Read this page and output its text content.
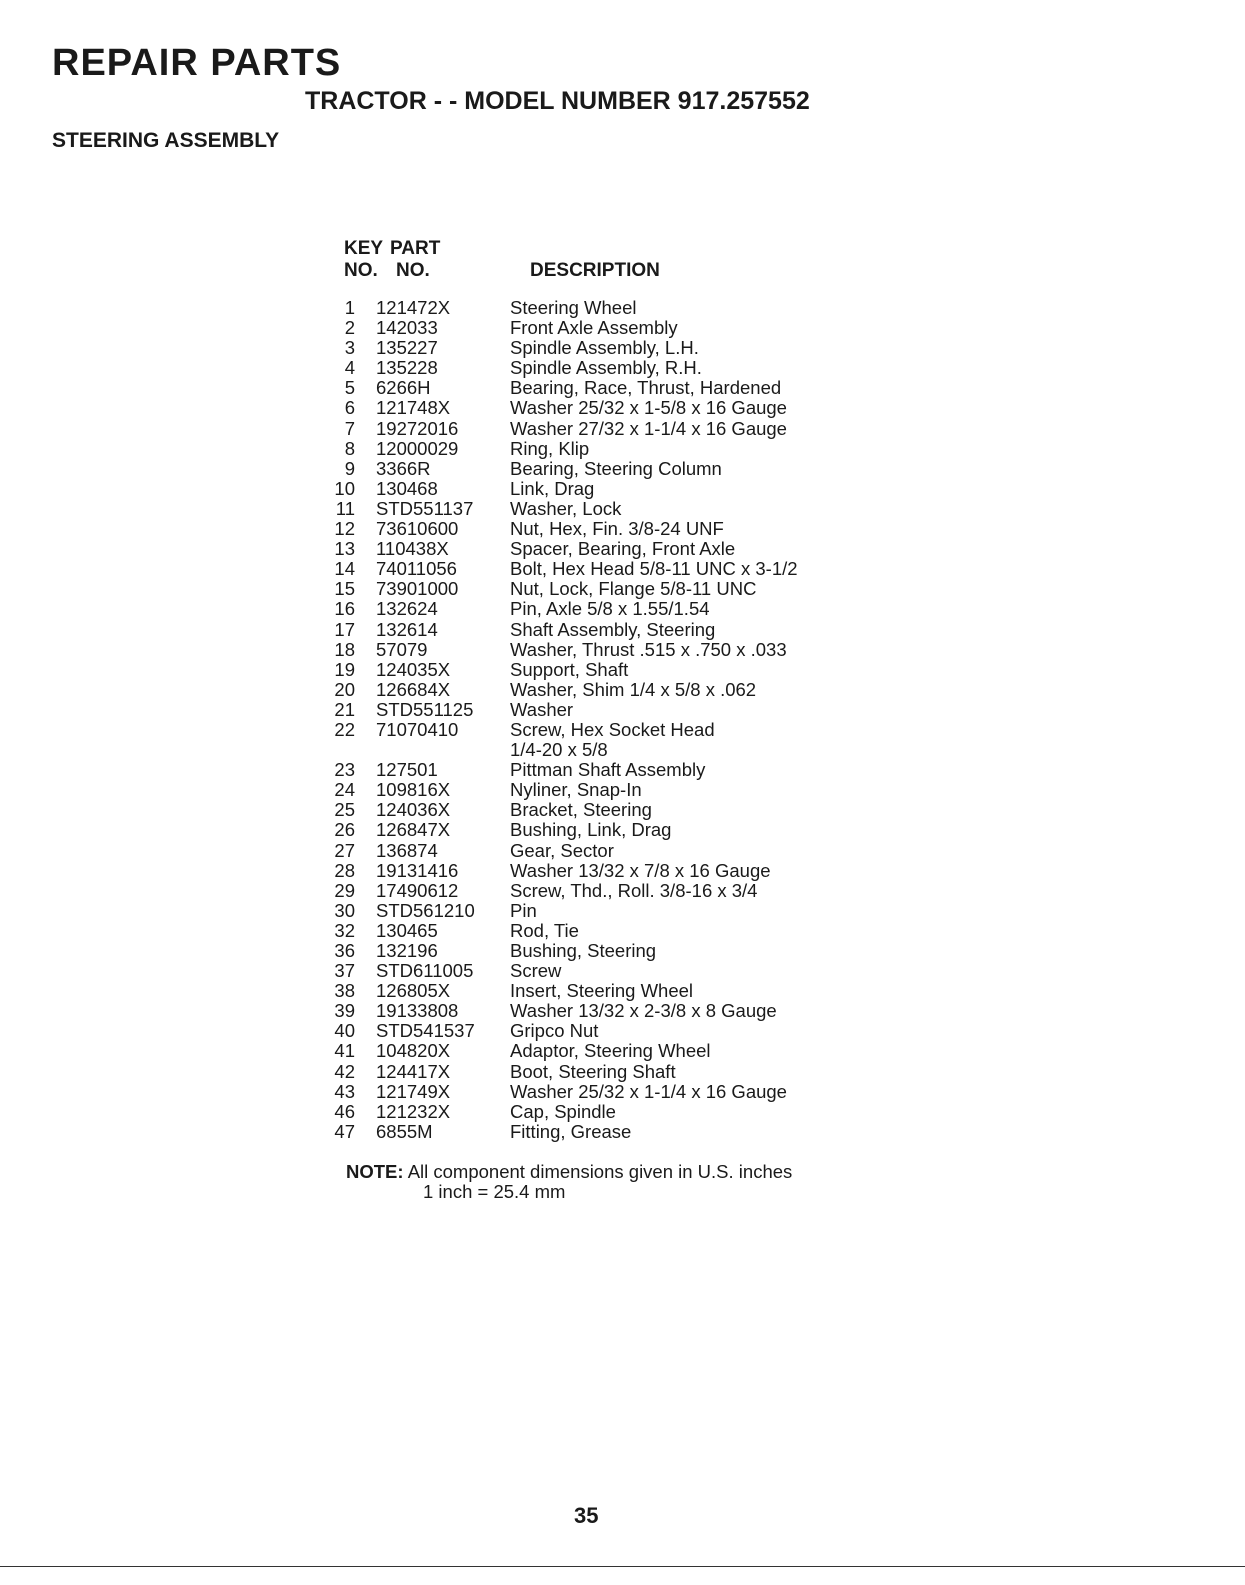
REPAIR PARTS
TRACTOR - - MODEL NUMBER 917.257552
STEERING ASSEMBLY
KEY
NO.
PART
NO.	DESCRIPTION
1	121472X	Steering Wheel
2	142033	Front Axle Assembly
3	135227	Spindle Assembly, L.H.
4	135228	Spindle Assembly, R.H.
5	6266H	Bearing, Race, Thrust, Hardened
6	121748X	Washer 25/32 x 1-5/8 x 16 Gauge
7	19272016	Washer 27/32 x 1-1/4 x 16 Gauge
8	12000029	Ring, Klip
9	3366R	Bearing, Steering Column
10	130468	Link, Drag
11	STD551137	Washer, Lock
12	73610600	Nut, Hex, Fin. 3/8-24 UNF
13	110438X	Spacer, Bearing, Front Axle
14	74011056	Bolt, Hex Head 5/8-11 UNC x 3-1/2
15	73901000	Nut, Lock, Flange 5/8-11 UNC
16	132624	Pin, Axle 5/8 x 1.55/1.54
17	132614	Shaft Assembly, Steering
18	57079	Washer, Thrust .515 x .750 x .033
19	124035X	Support, Shaft
20	126684X	Washer, Shim 1/4 x 5/8 x .062
21	STD551125	Washer
22	71070410	Screw, Hex Socket Head
1/4-20 x 5/8
23	127501	Pittman Shaft Assembly
24	109816X	Nyliner, Snap-In
25	124036X	Bracket, Steering
26	126847X	Bushing, Link, Drag
27	136874	Gear, Sector
28	19131416	Washer 13/32 x 7/8 x 16 Gauge
29	17490612	Screw, Thd., Roll. 3/8-16 x 3/4
30	STD561210	Pin
32	130465	Rod, Tie
36	132196	Bushing, Steering
37	STD611005	Screw
38	126805X	Insert, Steering Wheel
39	19133808	Washer 13/32 x 2-3/8 x 8 Gauge
40	STD541537	Gripco Nut
41	104820X	Adaptor, Steering Wheel
42	124417X	Boot, Steering Shaft
43	121749X	Washer 25/32 x 1-1/4 x 16 Gauge
46	121232X	Cap, Spindle
47	6855M	Fitting, Grease
NOTE: All component dimensions given in U.S. inches
1 inch = 25.4 mm
35
